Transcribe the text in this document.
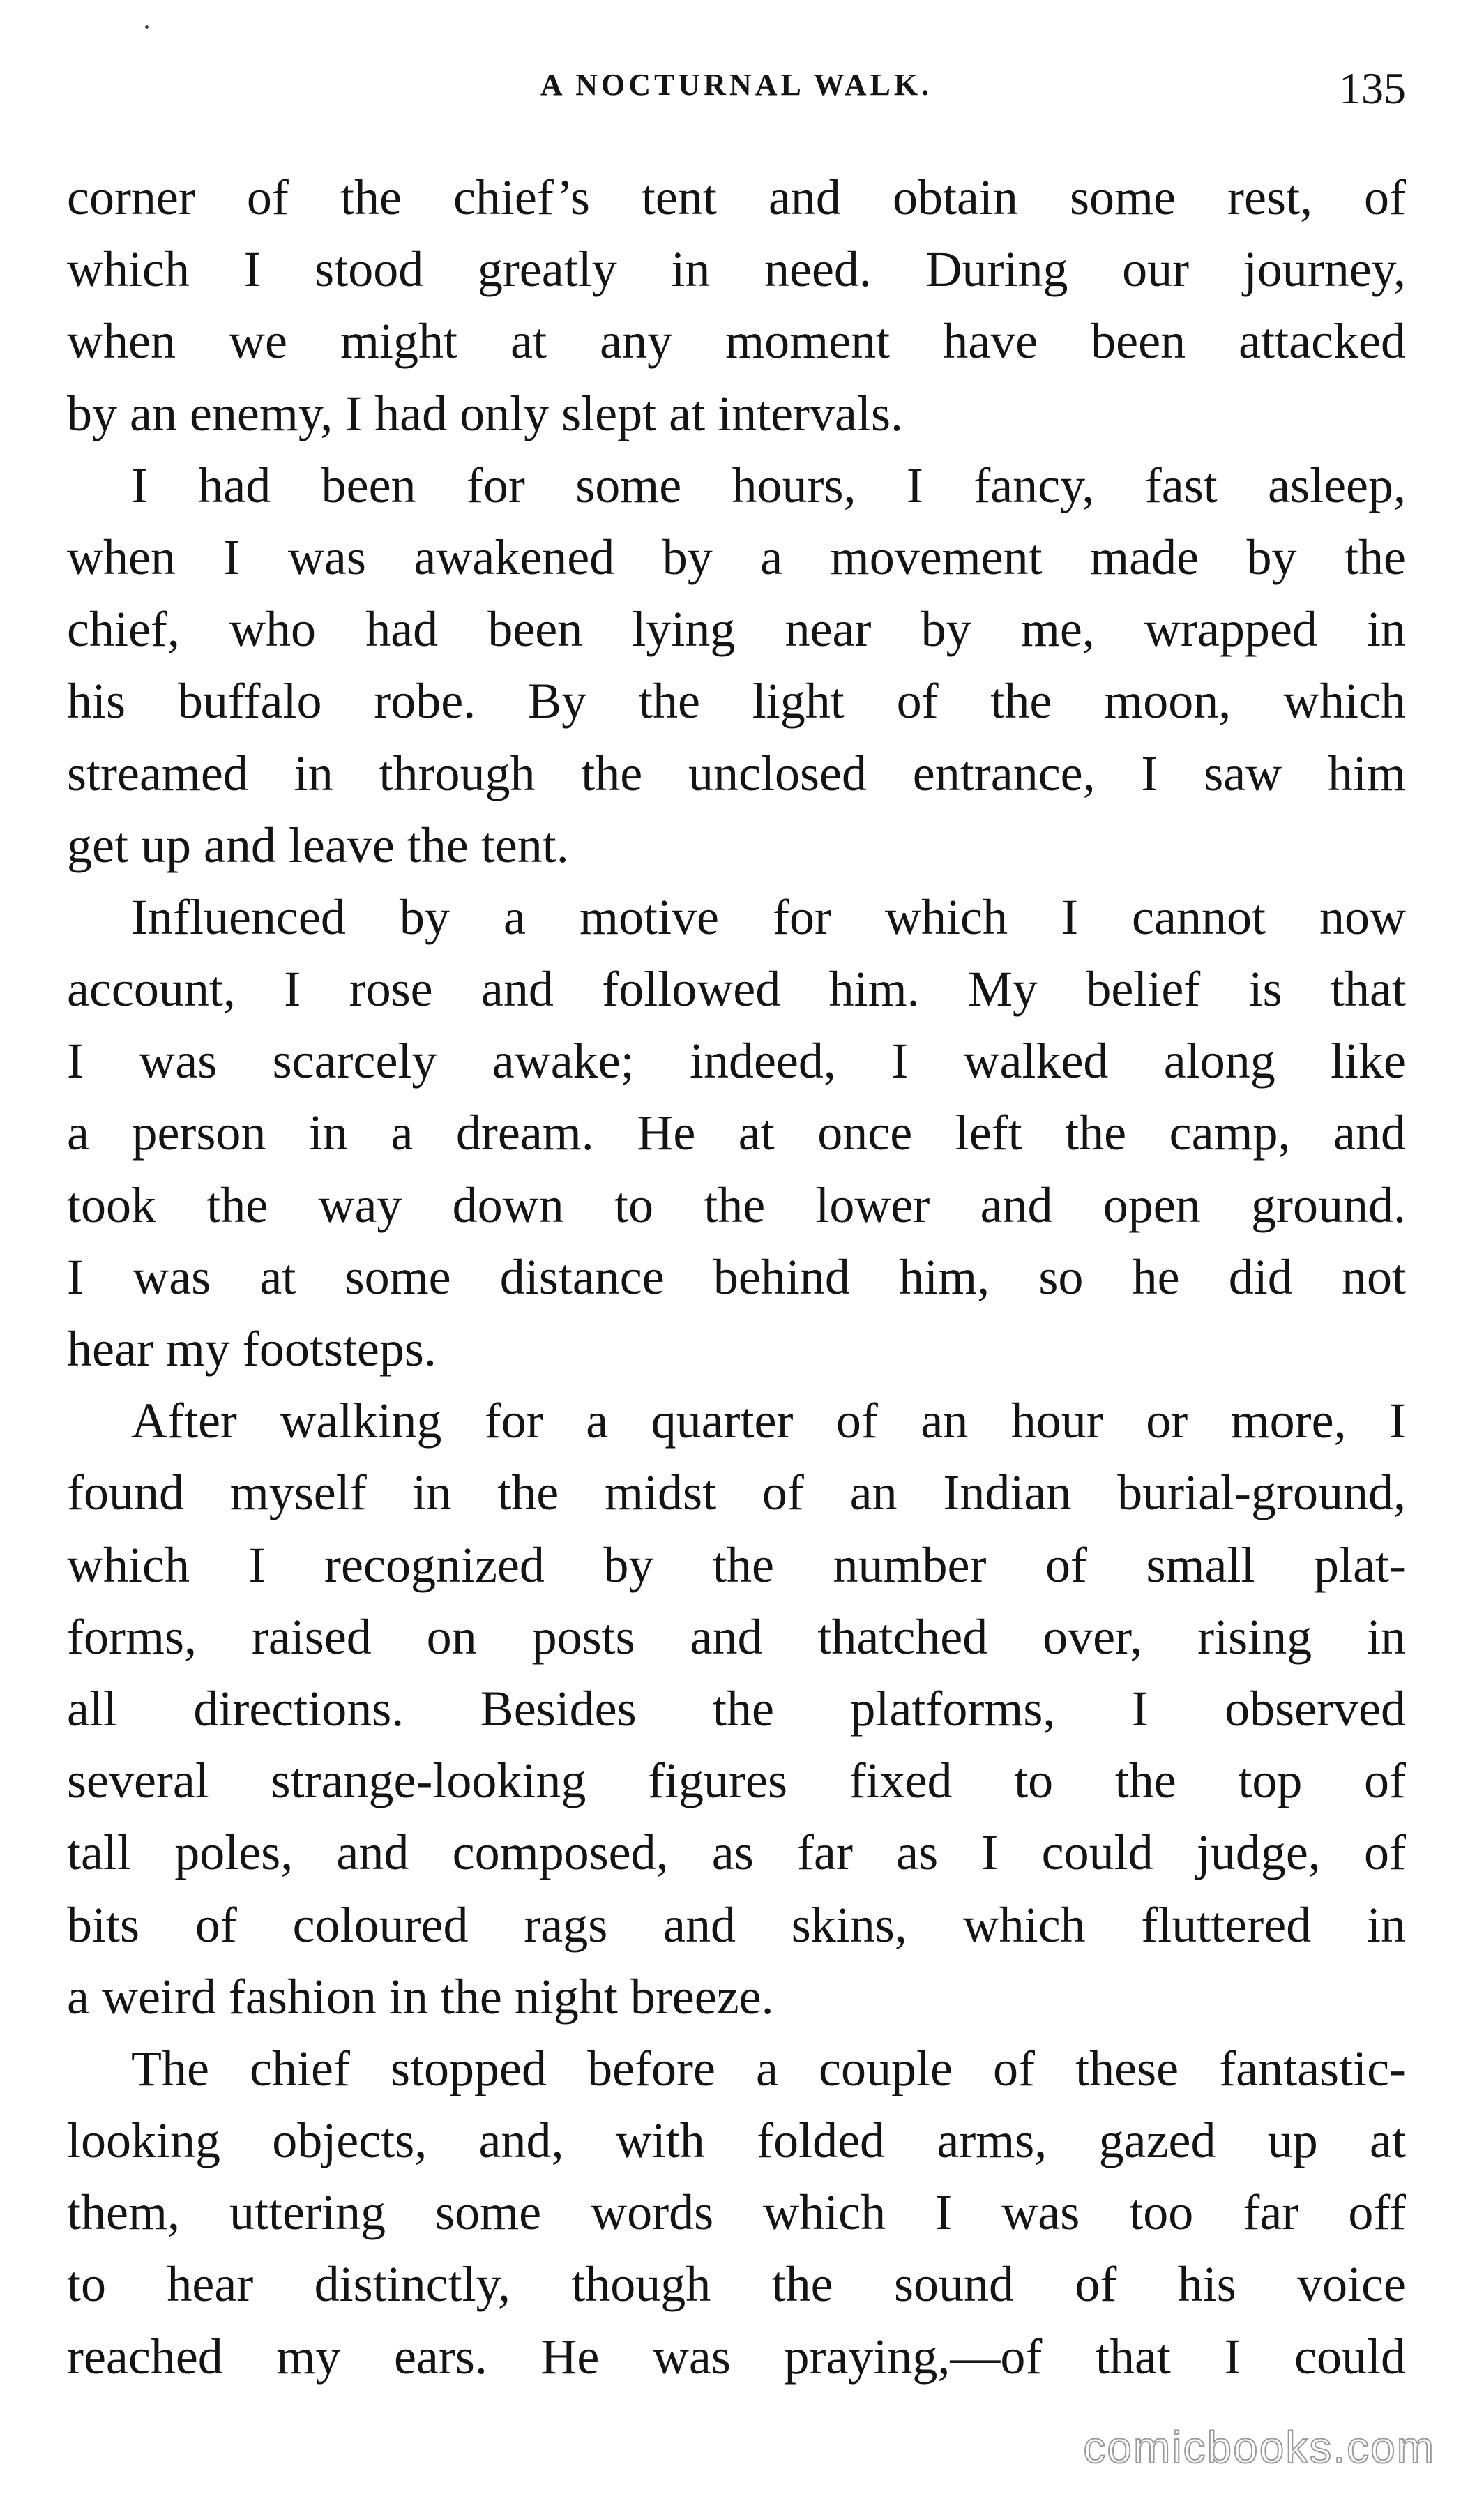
A NOCTURNAL WALK.	135
corner of the chief’s tent and obtain some rest, of
which I stood greatly in need. During our journey,
when we might at any moment have been attacked
by an enemy, I had only slept at intervals.
I had been for some hours, I fancy, fast asleep,
when I was awakened by a movement made by the
chief, who had been lying near by me, wrapped in
his buffalo robe. By the light of the moon, which
streamed in through the unclosed entrance, I saw him
get up and leave the tent.
Influenced by a motive for which I cannot now
account, I rose and followed him. My belief is that
I was scarcely awake; indeed, I walked along like
a person in a dream. He at once left the camp, and
took the way down to the lower and open ground.
I was at some distance behind him, so he did not
hear my footsteps.
After walking for a quarter of an hour or more, I
found myself in the midst of an Indian burial-ground,
which I recognized by the number of small plat-
forms, raised on posts and thatched over, rising in
all directions. Besides the platforms, I observed
several strange-looking figures fixed to the top of
tall poles, and composed, as far as I could judge, of
bits of coloured rags and skins, which fluttered in
a weird fashion in the night breeze.
The chief stopped before a couple of these fantastic-
looking objects, and, with folded arms, gazed up at
them, uttering some words which I was too far off
to hear distinctly, though the sound of his voice
reached my ears. He was praying,—of that I could
comicbooks.com
